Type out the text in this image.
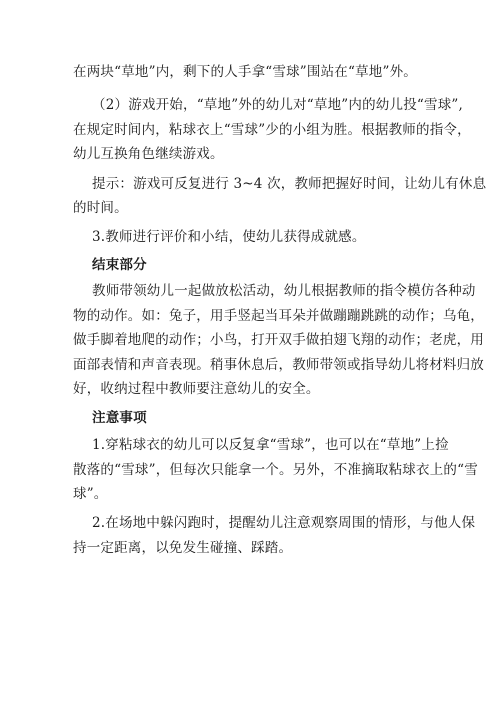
在两块“草地”内，剩下的人手拿“雪球”围站在“草地”外。
（2）游戏开始，“草地”外的幼儿对“草地”内的幼儿投“雪球”,
在规定时间内，粘球衣上“雪球”少的小组为胜。根据教师的指令，
幼儿互换角色继续游戏。
提示：游戏可反复进行 3~4 次，教师把握好时间，让幼儿有休息
的时间。
3.教师进行评价和小结，使幼儿获得成就感。
结束部分
教师带领幼儿一起做放松活动，幼儿根据教师的指令模仿各种动
物的动作。如：兔子，用手竖起当耳朵并做蹦蹦跳跳的动作；乌龟，
做手脚着地爬的动作；小鸟，打开双手做拍翅飞翔的动作；老虎，用
面部表情和声音表现。稍事休息后，教师带领或指导幼儿将材料归放
好，收纳过程中教师要注意幼儿的安全。
注意事项
1.穿粘球衣的幼儿可以反复拿“雪球”，也可以在“草地”上捡
散落的“雪球”，但每次只能拿一个。另外，不准摘取粘球衣上的“雪
球”。
2.在场地中躲闪跑时，提醒幼儿注意观察周围的情形，与他人保
持一定距离，以免发生碰撞、踩踏。
